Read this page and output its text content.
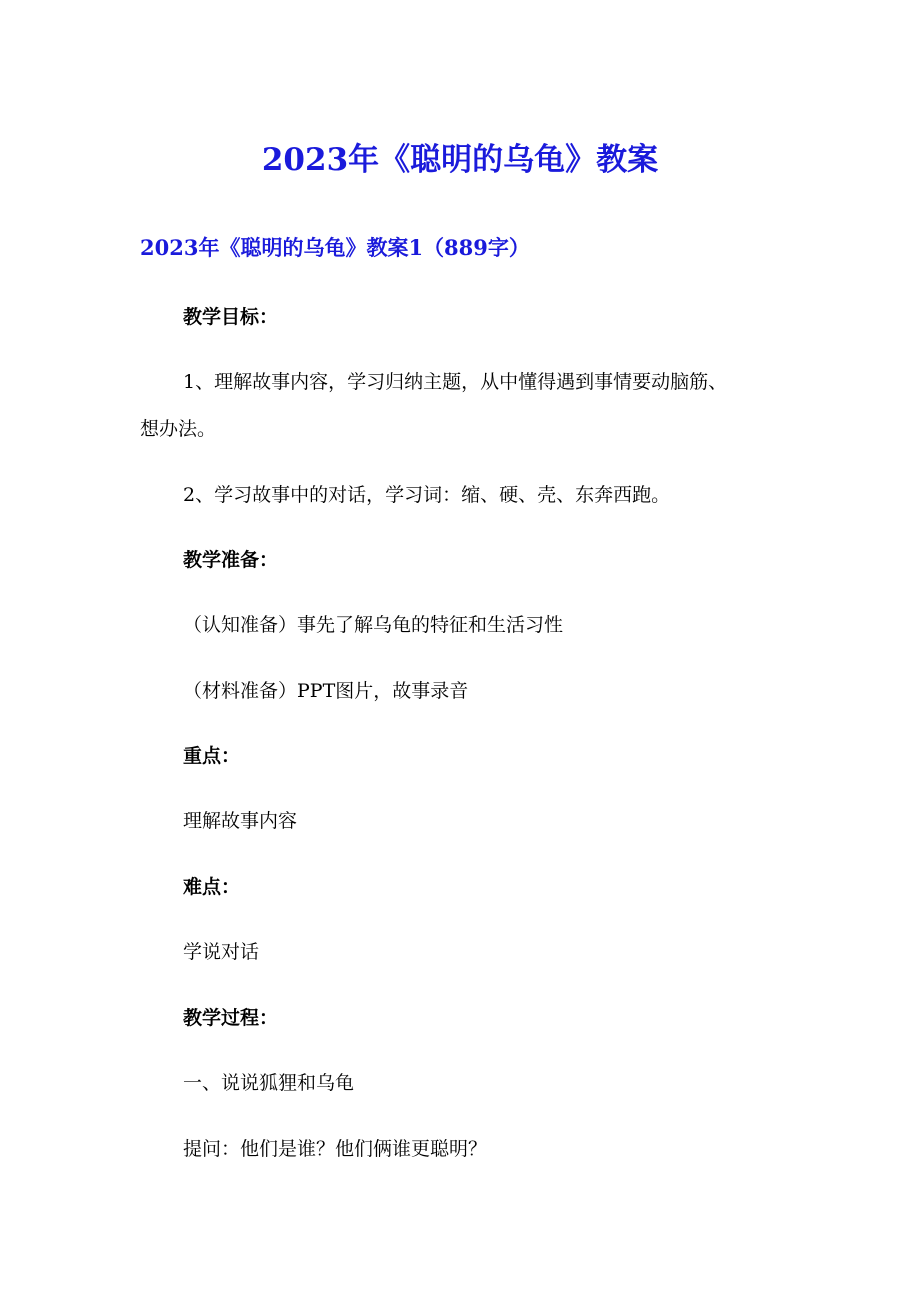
2023年《聪明的乌龟》教案
2023年《聪明的乌龟》教案1（889字）

教学目标：

1、理解故事内容，学习归纳主题，从中懂得遇到事情要动脑筋、

想办法。

2、学习故事中的对话，学习词：缩、硬、壳、东奔西跑。

教学准备：

（认知准备）事先了解乌龟的特征和生活习性

（材料准备）PPT图片，故事录音

重点：

理解故事内容

难点：

学说对话

教学过程：

一、说说狐狸和乌龟

提问：他们是谁？他们俩谁更聪明？
